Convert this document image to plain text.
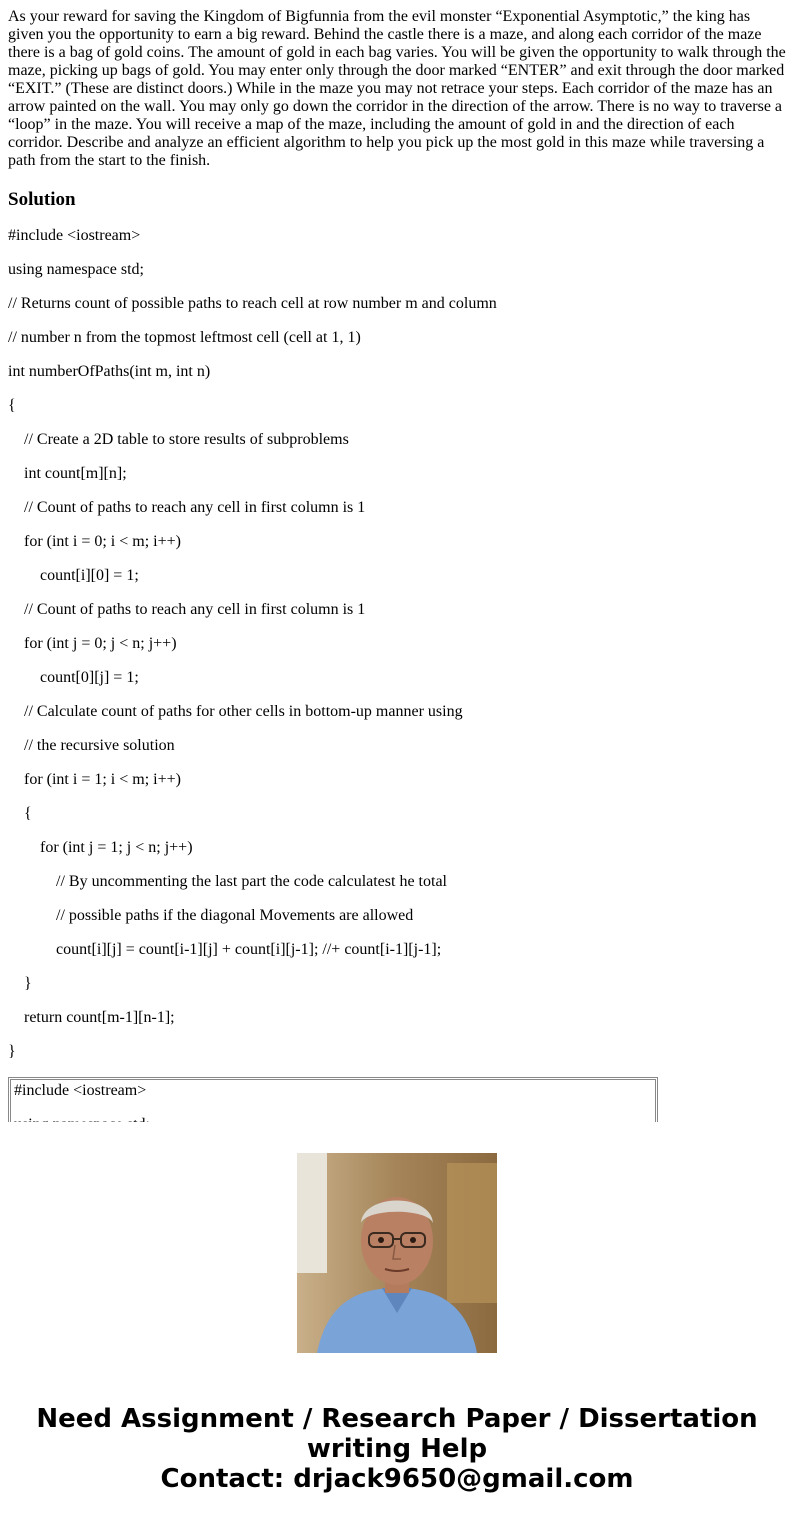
As your reward for saving the Kingdom of Bigfunnia from the evil monster “Exponential Asymptotic,” the king has given you the opportunity to earn a big reward. Behind the castle there is a maze, and along each corridor of the maze there is a bag of gold coins. The amount of gold in each bag varies. You will be given the opportunity to walk through the maze, picking up bags of gold. You may enter only through the door marked “ENTER” and exit through the door marked “EXIT.” (These are distinct doors.) While in the maze you may not retrace your steps. Each corridor of the maze has an arrow painted on the wall. You may only go down the corridor in the direction of the arrow. There is no way to traverse a “loop” in the maze. You will receive a map of the maze, including the amount of gold in and the direction of each corridor. Describe and analyze an efficient algorithm to help you pick up the most gold in this maze while traversing a path from the start to the finish.
Solution
#include <iostream>
using namespace std;
// Returns count of possible paths to reach cell at row number m and column
// number n from the topmost leftmost cell (cell at 1, 1)
int numberOfPaths(int m, int n)
{
// Create a 2D table to store results of subproblems
int count[m][n];
// Count of paths to reach any cell in first column is 1
for (int i = 0; i < m; i++)
count[i][0] = 1;
// Count of paths to reach any cell in first column is 1
for (int j = 0; j < n; j++)
count[0][j] = 1;
// Calculate count of paths for other cells in bottom-up manner using
// the recursive solution
for (int i = 1; i < m; i++)
{
for (int j = 1; j < n; j++)
// By uncommenting the last part the code calculatest he total
// possible paths if the diagonal Movements are allowed
count[i][j] = count[i-1][j] + count[i][j-1]; //+ count[i-1][j-1];
}
return count[m-1][n-1];
}
#include <iostream>
Need Assignment / Research Paper / Dissertation
writing Help
Contact: drjack9650@gmail.com
